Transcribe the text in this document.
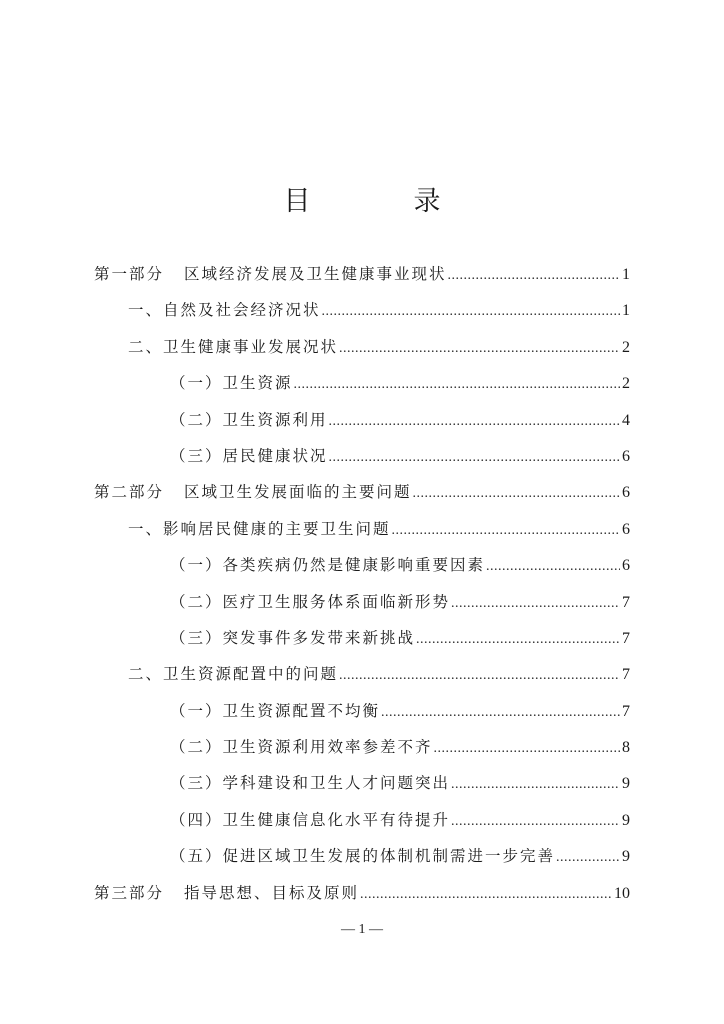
目　录
第一部分 区域经济发展及卫生健康事业现状 .....	1
一、自然及社会经济况状 .....	1
二、卫生健康事业发展况状 .....	2
（一）卫生资源 .....	2
（二）卫生资源利用 .....	4
（三）居民健康状况 .....	6
第二部分 区域卫生发展面临的主要问题 .....	6
一、影响居民健康的主要卫生问题 .....	6
（一）各类疾病仍然是健康影响重要因素 .....	6
（二）医疗卫生服务体系面临新形势 .....	7
（三）突发事件多发带来新挑战 .....	7
二、卫生资源配置中的问题 .....	7
（一）卫生资源配置不均衡 .....	7
（二）卫生资源利用效率参差不齐 .....	8
（三）学科建设和卫生人才问题突出 .....	9
（四）卫生健康信息化水平有待提升 .....	9
（五）促进区域卫生发展的体制机制需进一步完善 .....	9
第三部分 指导思想、目标及原则 .....	10
— 1 —
